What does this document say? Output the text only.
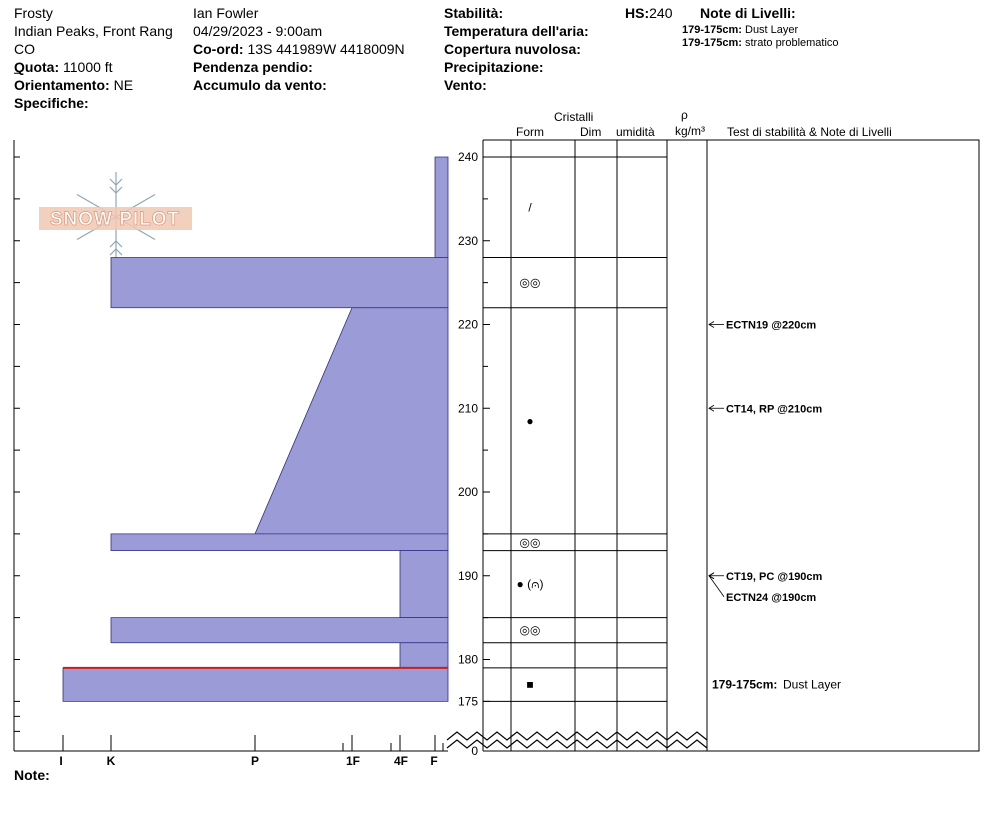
Frosty
Indian Peaks, Front Rang
CO
Quota: 11000 ft
Orientamento: NE
Specifiche:
Ian Fowler
04/29/2023 - 9:00am
Co-ord: 13S 441989W 4418009N
Pendenza pendio:
Accumulo da vento:
Stabilità:
Temperatura dell'aria:
Copertura nuvolosa:
Precipitazione:
Vento:
HS:240 Note di Livelli:
179-175cm: Dust Layer
179-175cm: strato problematico
Cristalli
Form	Dim umidità
ρ
kg/m³ Test di stabilità & Note di Livelli
Note:
SNOW PILOT
I	K	P	1F	4F F
240
230
220
210
200
190
180
175
0
/
◎◎
●
◎◎
● (⩀)
◎◎
■
ECTN19 @220cm
CT14, RP @210cm
CT19, PC @190cm
ECTN24 @190cm
179-175cm: Dust Layer
